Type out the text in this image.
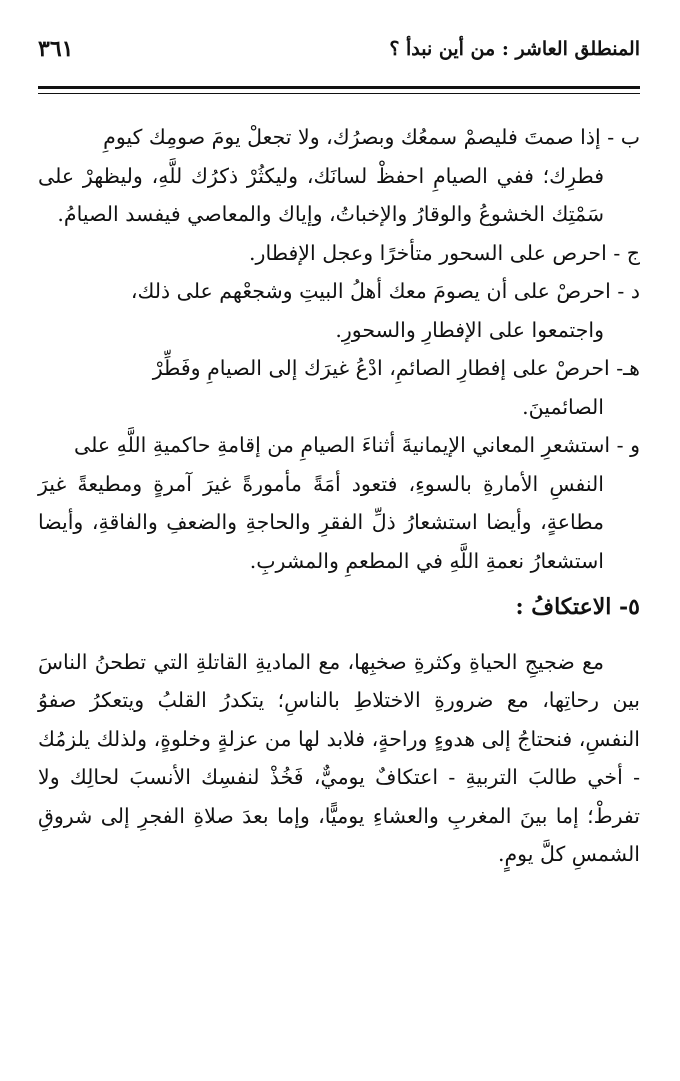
المنطلق العاشر : من أين نبدأ ؟
٣٦١

ب - إذا صمتَ فليصمْ سمعُك وبصرُك، ولا تجعلْ يومَ صومِك كيومِ
فطرِك؛ ففي الصيامِ احفظْ لسانَك، وليكثُرْ ذكرُك للَّهِ، وليظهرْ على سَمْتِك الخشوعُ والوقارُ والإخباتُ، وإياك والمعاصي فيفسد الصيامُ.

ج - احرص على السحور متأخرًا وعجل الإفطار.

د - احرصْ على أن يصومَ معك أهلُ البيتِ وشجعْهم على ذلك،
واجتمعوا على الإفطارِ والسحورِ.

هـ- احرصْ على إفطارِ الصائمِ، ادْعُ غيرَك إلى الصيامِ وفَطِّرْ
الصائمينَ.

و - استشعرِ المعاني الإيمانيةَ أثناءَ الصيامِ من إقامةِ حاكميةِ اللَّهِ على
النفسِ الأمارةِ بالسوءِ، فتعود أمَةً مأمورةً غيرَ آمرةٍ ومطيعةً غيرَ مطاعةٍ، وأيضا استشعارُ ذلِّ الفقرِ والحاجةِ والضعفِ والفاقةِ، وأيضا استشعارُ نعمةِ اللَّهِ في المطعمِ والمشربِ.

٥- الاعتكافُ :

مع ضجيجِ الحياةِ وكثرةِ صخبِها، مع الماديةِ القاتلةِ التي تطحنُ الناسَ بين رحاتِها، مع ضرورةِ الاختلاطِ بالناسِ؛ يتكدرُ القلبُ ويتعكرُ صفوُ النفسِ، فنحتاجُ إلى هدوءٍ وراحةٍ، فلابد لها من عزلةٍ وخلوةٍ، ولذلك يلزمُك - أخي طالبَ التربيةِ - اعتكافٌ يوميٌّ، فَخُذْ لنفسِك الأنسبَ لحالِك ولا تفرطْ؛ إما بينَ المغربِ والعشاءِ يوميًّا، وإما بعدَ صلاةِ الفجرِ إلى شروقِ الشمسِ كلَّ يومٍ.
